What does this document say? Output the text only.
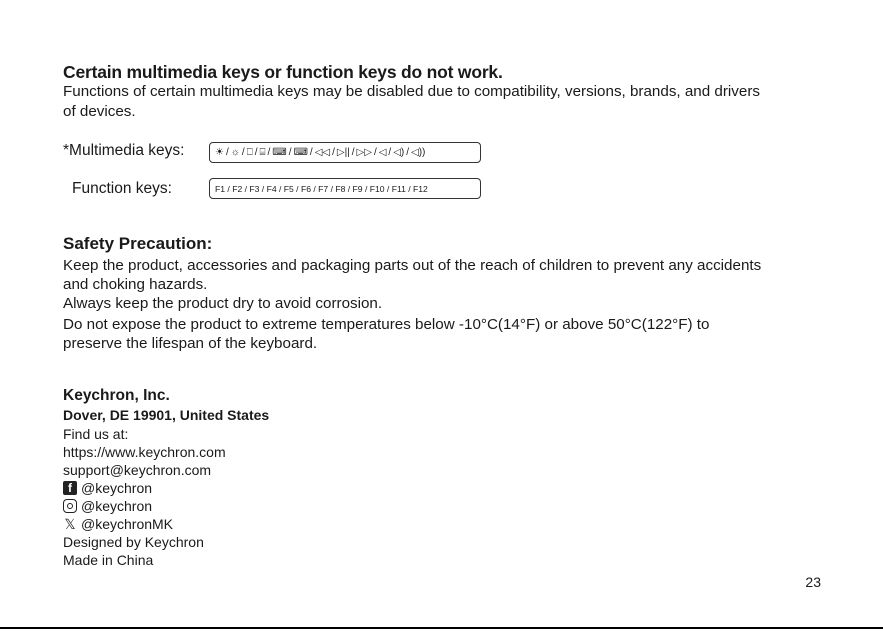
Certain multimedia keys or function keys do not work.
Functions of certain multimedia keys may be disabled due to compatibility, versions, brands, and drivers
of devices.
*Multimedia keys:	☀ / ☼ / ⎕ / ⌸ / ⌨ / ⌨ / ◁◁ / ▷|| / ▷▷ / ◁ / ◁) / ◁))
Function keys:	F1 / F2 / F3 / F4 / F5 / F6 / F7 / F8 / F9 / F10 / F11 / F12
Safety Precaution:
Keep the product, accessories and packaging parts out of the reach of children to prevent any accidents
and choking hazards.
Always keep the product dry to avoid corrosion.
Do not expose the product to extreme temperatures below -10°C(14°F) or above 50°C(122°F) to
preserve the lifespan of the keyboard.
Keychron, Inc.
Dover, DE 19901, United States
Find us at:
https://www.keychron.com
support@keychron.com
f @keychron
@keychron
𝕏 @keychronMK
Designed by Keychron
Made in China
23
